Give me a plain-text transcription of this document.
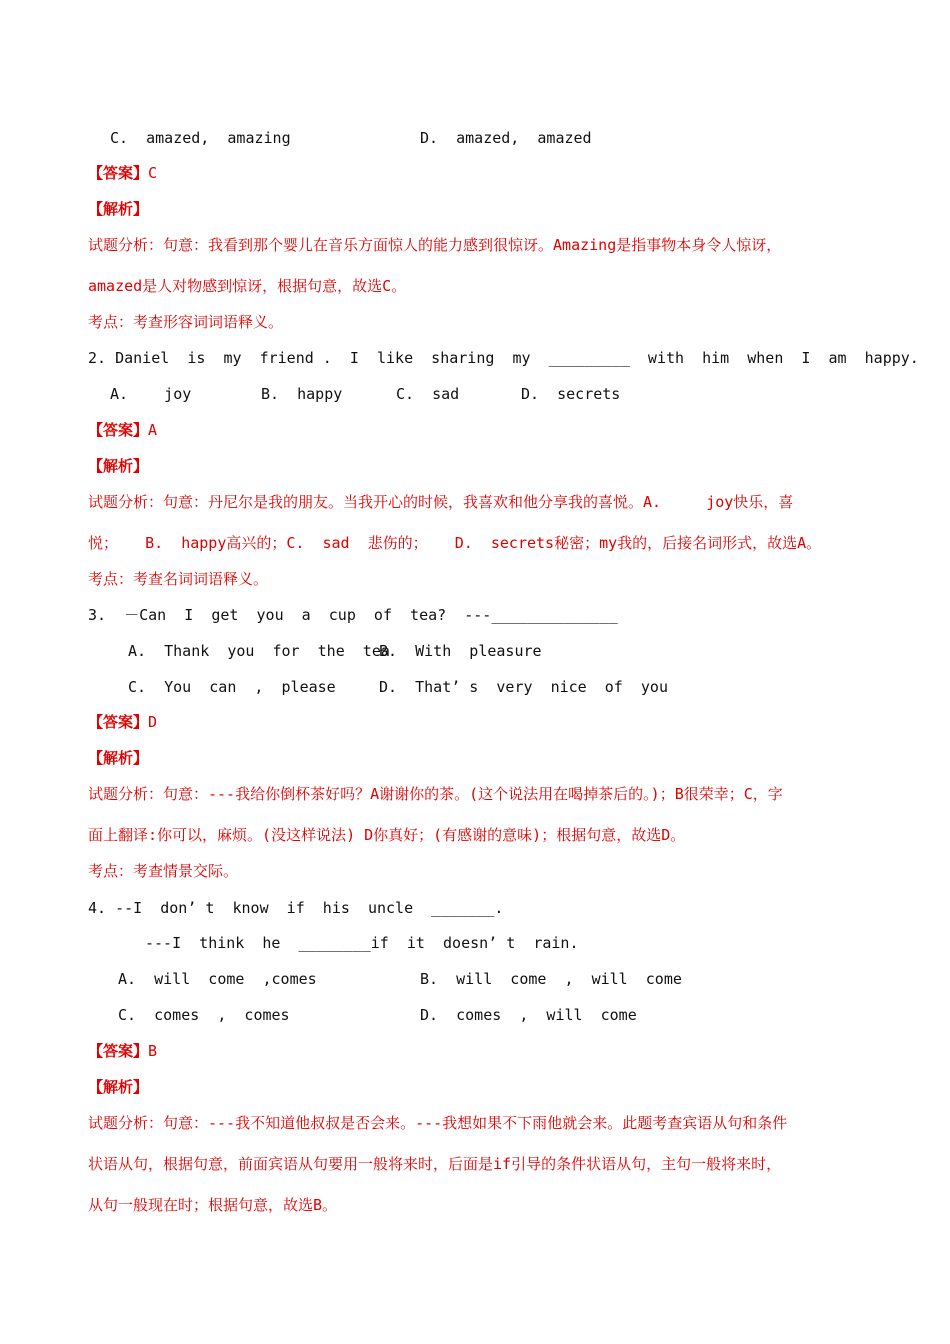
C.  amazed,  amazing	D.  amazed,  amazed
【答案】C
【解析】
试题分析：句意：我看到那个婴儿在音乐方面惊人的能力感到很惊讶。Amazing是指事物本身令人惊讶，
amazed是人对物感到惊讶，根据句意，故选C。
考点：考查形容词词语释义。
2. Daniel  is  my  friend .  I  like  sharing  my  _________  with  him  when  I  am  happy.
A.    joy	B.  happy	C.  sad	D.  secrets
【答案】A
【解析】
试题分析：句意：丹尼尔是我的朋友。当我开心的时候，我喜欢和他分享我的喜悦。A.     joy快乐，喜
悦；   B.  happy高兴的；C.  sad  悲伤的；   D.  secrets秘密；my我的，后接名词形式，故选A。
考点：考查名词词语释义。
3.  －Can  I  get  you  a  cup  of  tea?  ---______________
A.  Thank  you  for  the  tea
B.  With  pleasure
C.  You  can  ,  please	D.  That’ s  very  nice  of  you
【答案】D
【解析】
试题分析：句意：---我给你倒杯茶好吗？A谢谢你的茶。(这个说法用在喝掉茶后的。)；B很荣幸；C，字
面上翻译:你可以，麻烦。(没这样说法) D你真好；(有感谢的意味)；根据句意，故选D。
考点：考查情景交际。
4. --I  don’ t  know  if  his  uncle  _______.
---I  think  he  ________if  it  doesn’ t  rain.
A.  will  come  ,comes	B.  will  come  ,  will  come
C.  comes  ,  comes	D.  comes  ,  will  come
【答案】B
【解析】
试题分析：句意：---我不知道他叔叔是否会来。---我想如果不下雨他就会来。此题考查宾语从句和条件
状语从句，根据句意，前面宾语从句要用一般将来时，后面是if引导的条件状语从句，主句一般将来时，
从句一般现在时；根据句意，故选B。
